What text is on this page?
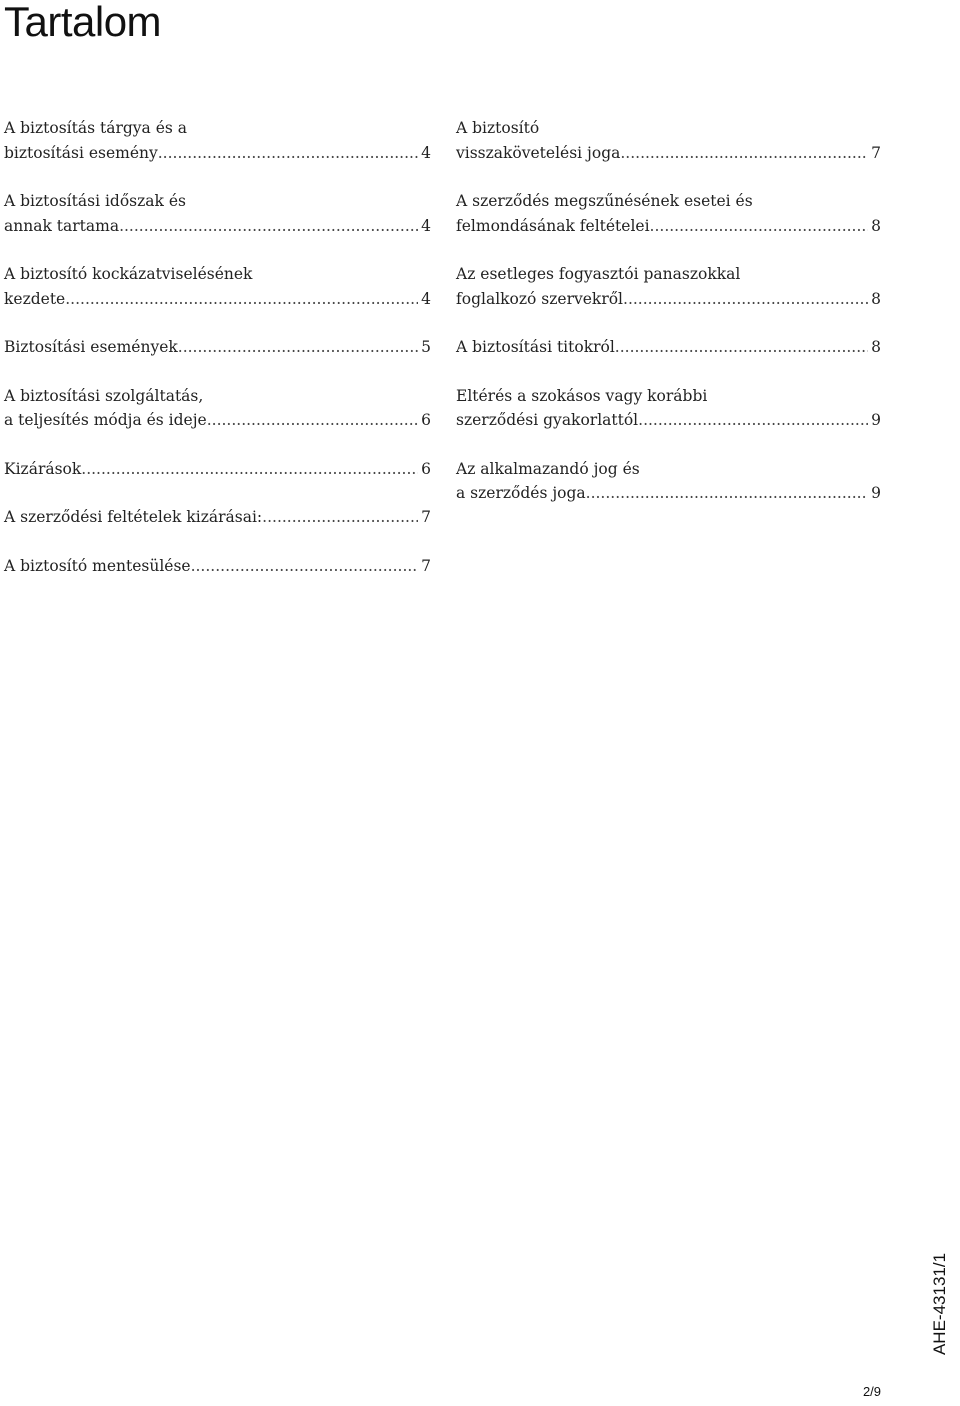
Tartalom
A biztosítás tárgya és a
biztosítási esemény .....	4
A biztosítási időszak és
annak tartama .....	4
A biztosító kockázatviselésének
kezdete .....	4
Biztosítási események .....	5
A biztosítási szolgáltatás,
a teljesítés módja és ideje .....	6
Kizárások .....	6
A szerződési feltételek kizárásai: .....	7
A biztosító mentesülése .....	7
A biztosító
visszakövetelési joga .....	7
A szerződés megszűnésének esetei és
felmondásának feltételei .....	8
Az esetleges fogyasztói panaszokkal
foglalkozó szervekről .....	8
A biztosítási titokról .....	8
Eltérés a szokásos vagy korábbi
szerződési gyakorlattól .....	9
Az alkalmazandó jog és
a szerződés joga .....	9
AHE-43131/1
2/9
